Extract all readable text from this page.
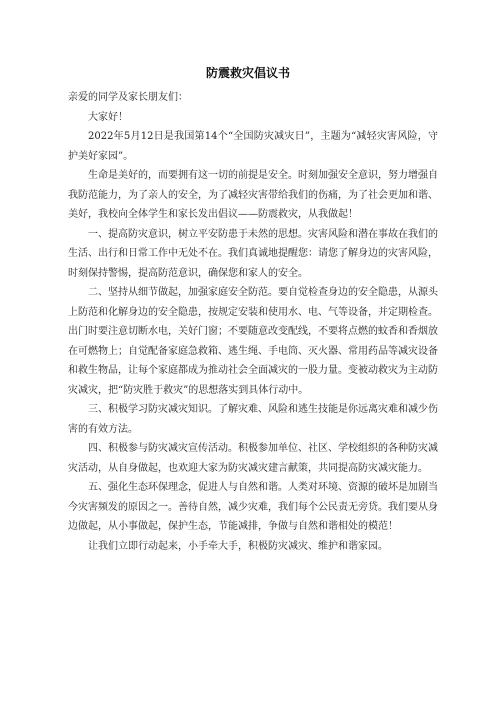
防震救灾倡议书

亲爱的同学及家长朋友们：

大家好！

2022年5月12日是我国第14个“全国防灾减灾日”，主题为“减轻灾害风险，守护美好家园”。

生命是美好的，而要拥有这一切的前提是安全。时刻加强安全意识，努力增强自我防范能力，为了亲人的安全，为了减轻灾害带给我们的伤痛，为了社会更加和谐、美好，我校向全体学生和家长发出倡议——防震救灾，从我做起！

一、提高防灾意识，树立平安防患于未然的思想。灾害风险和潜在事故在我们的生活、出行和日常工作中无处不在。我们真诚地提醒您：请您了解身边的灾害风险，时刻保持警惕，提高防范意识，确保您和家人的安全。

二、坚持从细节做起，加强家庭安全防范。要自觉检查身边的安全隐患，从源头上防范和化解身边的安全隐患，按规定安装和使用水、电、气等设备，并定期检查。出门时要注意切断水电，关好门窗；不要随意改变配线，不要将点燃的蚊香和香烟放在可燃物上；自觉配备家庭急救箱、逃生绳、手电筒、灭火器、常用药品等减灾设备和救生物品，让每个家庭都成为推动社会全面减灾的一股力量。变被动救灾为主动防灾减灾，把“防灾胜于救灾”的思想落实到具体行动中。

三、积极学习防灾减灾知识。了解灾难、风险和逃生技能是你远离灾难和减少伤害的有效方法。

四、积极参与防灾减灾宣传活动。积极参加单位、社区、学校组织的各种防灾减灾活动，从自身做起，也欢迎大家为防灾减灾建言献策，共同提高防灾减灾能力。

五、强化生态环保理念，促进人与自然和谐。人类对环境、资源的破坏是加剧当今灾害频发的原因之一。善待自然，减少灾难，我们每个公民责无旁贷。我们要从身边做起，从小事做起，保护生态，节能减排，争做与自然和谐相处的模范！

让我们立即行动起来，小手牵大手，积极防灾减灾、维护和谐家园。
